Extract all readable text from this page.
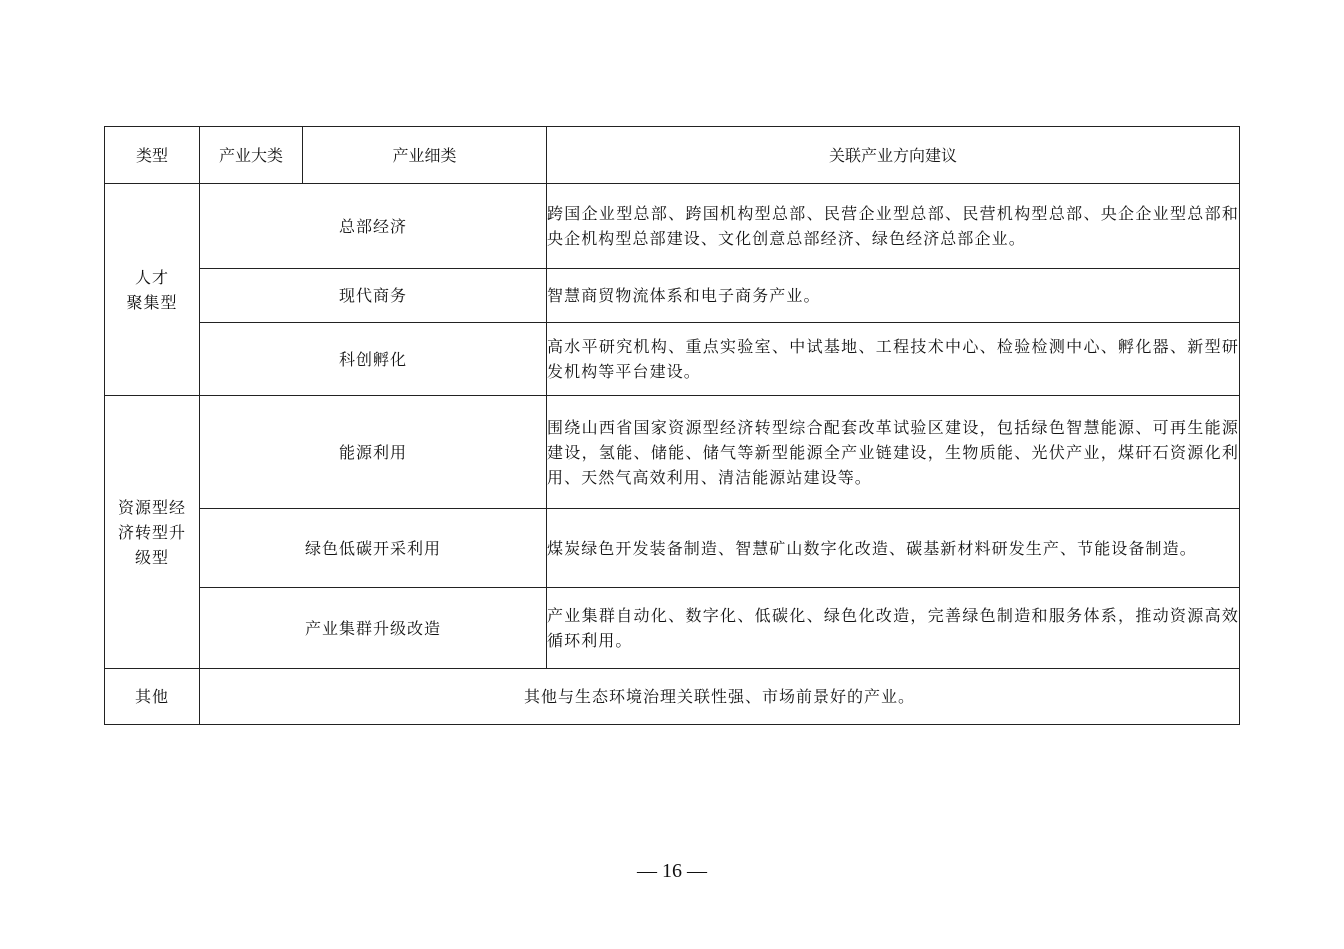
类型	产业大类	产业细类	关联产业方向建议

人才
聚集型	总部经济		跨国企业型总部、跨国机构型总部、民营企业型总部、民营机构型总部、央企企业型总部和央企机构型总部建设、文化创意总部经济、绿色经济总部企业。
	现代商务		智慧商贸物流体系和电子商务产业。
	科创孵化		高水平研究机构、重点实验室、中试基地、工程技术中心、检验检测中心、孵化器、新型研发机构等平台建设。

资源型经
济转型升
级型	能源利用		围绕山西省国家资源型经济转型综合配套改革试验区建设，包括绿色智慧能源、可再生能源建设，氢能、储能、储气等新型能源全产业链建设，生物质能、光伏产业，煤矸石资源化利用、天然气高效利用、清洁能源站建设等。
	绿色低碳开采利用		煤炭绿色开发装备制造、智慧矿山数字化改造、碳基新材料研发生产、节能设备制造。
	产业集群升级改造		产业集群自动化、数字化、低碳化、绿色化改造，完善绿色制造和服务体系，推动资源高效循环利用。
其他	其他与生态环境治理关联性强、市场前景好的产业。		
— 16 —
